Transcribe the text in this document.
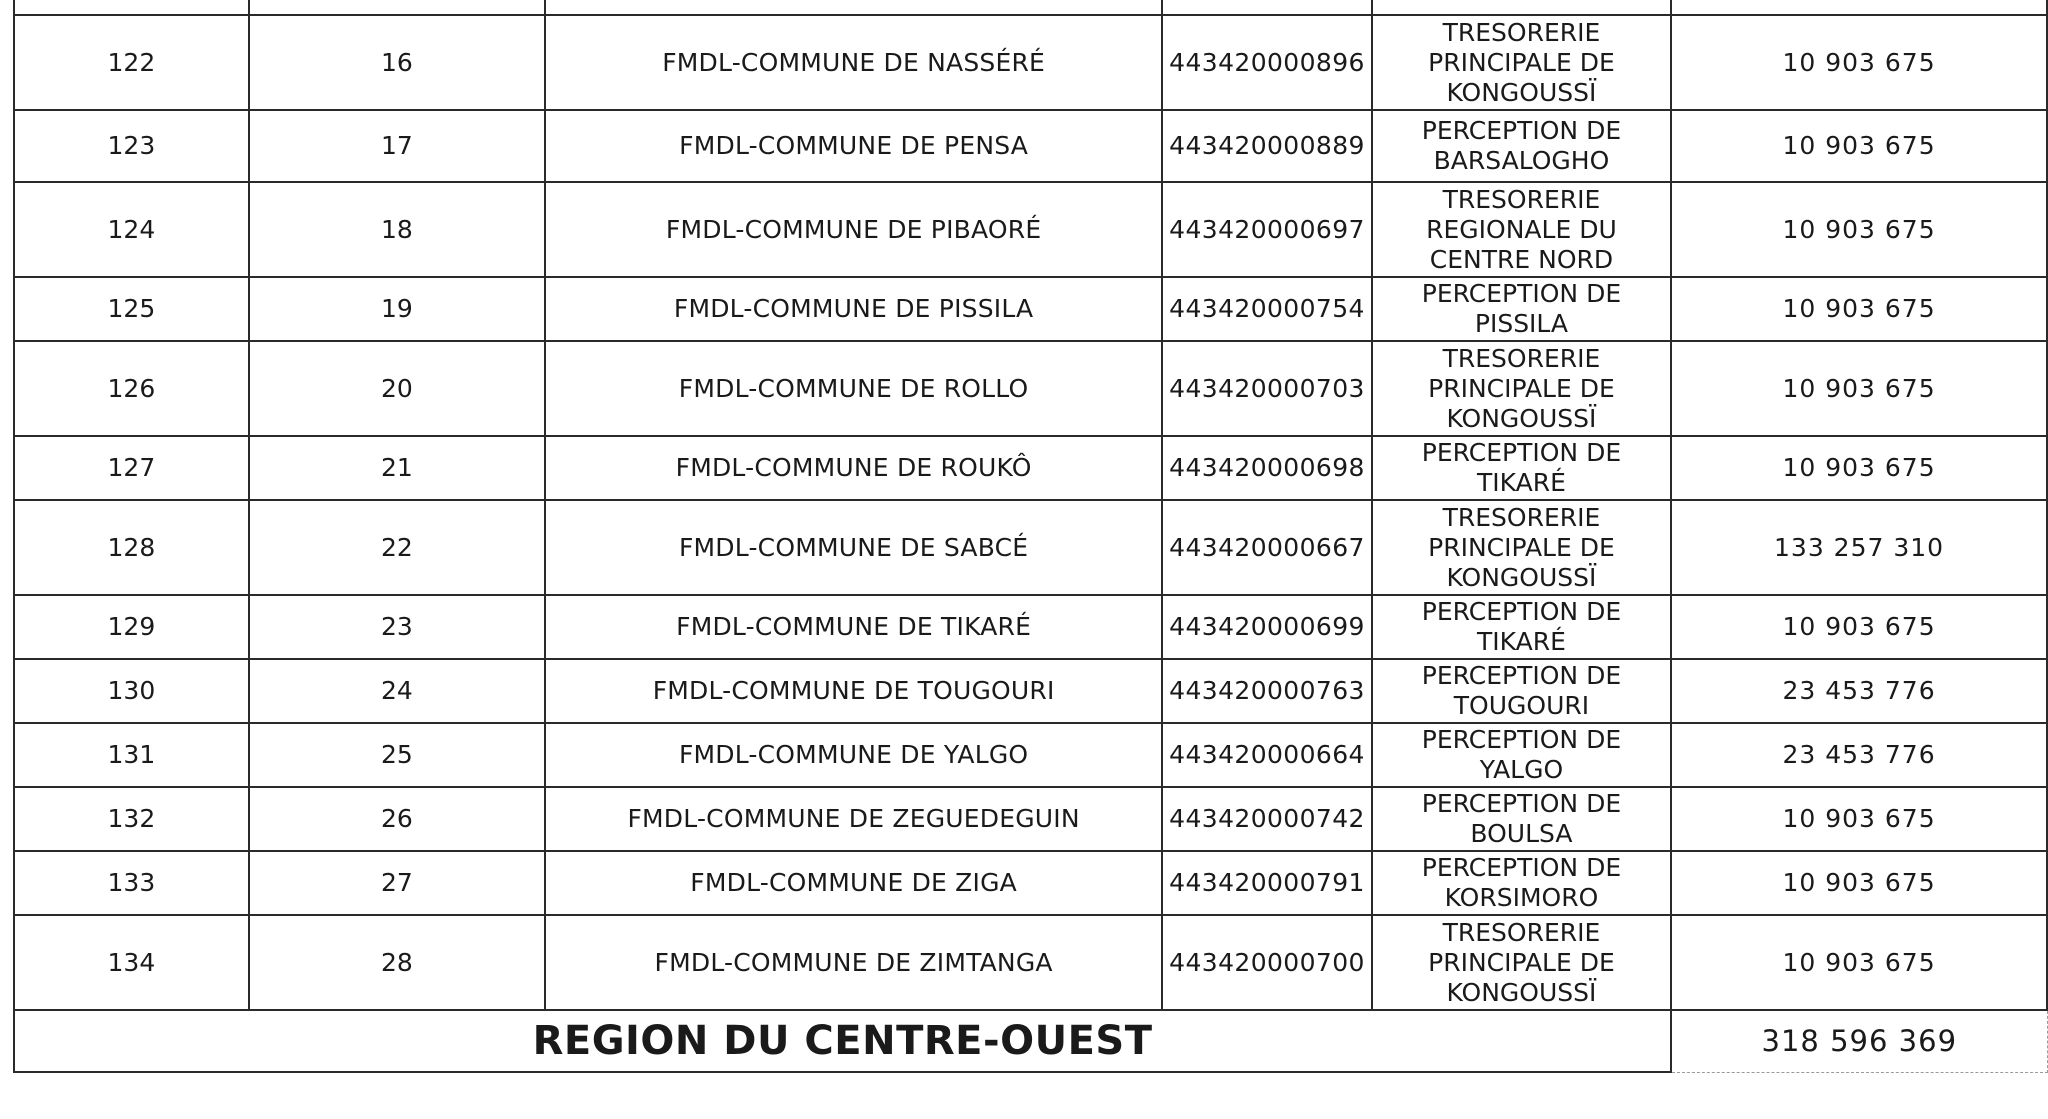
122	16	FMDL-COMMUNE DE NASSÉRÉ	443420000896	TRESORERIE
PRINCIPALE DE
KONGOUSSÏ	10 903 675
123	17	FMDL-COMMUNE DE PENSA	443420000889	PERCEPTION DE
BARSALOGHO	10 903 675
124	18	FMDL-COMMUNE DE PIBAORÉ	443420000697	TRESORERIE
REGIONALE DU
CENTRE NORD	10 903 675
125	19	FMDL-COMMUNE DE PISSILA	443420000754	PERCEPTION DE
PISSILA	10 903 675
126	20	FMDL-COMMUNE DE ROLLO	443420000703	TRESORERIE
PRINCIPALE DE
KONGOUSSÏ	10 903 675
127	21	FMDL-COMMUNE DE ROUKÔ	443420000698	PERCEPTION DE
TIKARÉ	10 903 675
128	22	FMDL-COMMUNE DE SABCÉ	443420000667	TRESORERIE
PRINCIPALE DE
KONGOUSSÏ	133 257 310
129	23	FMDL-COMMUNE DE TIKARÉ	443420000699	PERCEPTION DE
TIKARÉ	10 903 675
130	24	FMDL-COMMUNE DE TOUGOURI	443420000763	PERCEPTION DE
TOUGOURI	23 453 776
131	25	FMDL-COMMUNE DE YALGO	443420000664	PERCEPTION DE
YALGO	23 453 776
132	26	FMDL-COMMUNE DE ZEGUEDEGUIN	443420000742	PERCEPTION DE
BOULSA	10 903 675
133	27	FMDL-COMMUNE DE ZIGA	443420000791	PERCEPTION DE
KORSIMORO	10 903 675
134	28	FMDL-COMMUNE DE ZIMTANGA	443420000700	TRESORERIE
PRINCIPALE DE
KONGOUSSÏ	10 903 675
REGION DU CENTRE-OUEST					318 596 369
